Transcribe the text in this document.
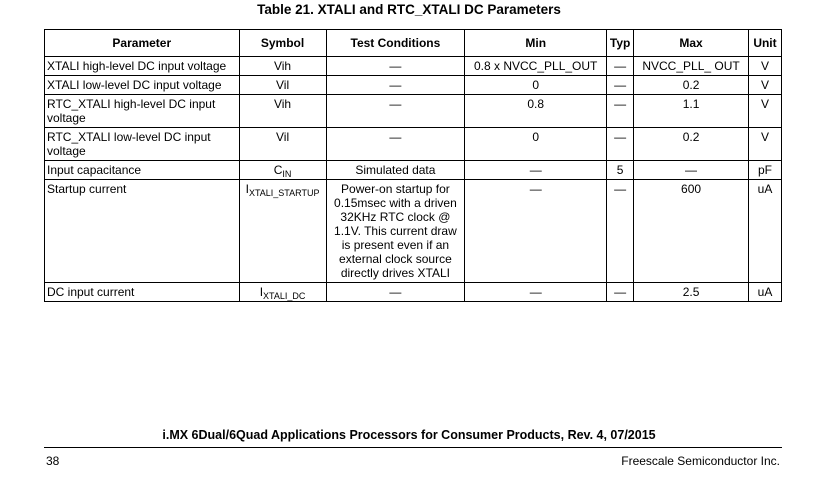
Table 21. XTALI and RTC_XTALI DC Parameters
Parameter	Symbol	Test Conditions	Min	Typ	Max	Unit
XTALI high-level DC input voltage	Vih	—	0.8 x NVCC_PLL_OUT	—	NVCC_PLL_ OUT	V
XTALI low-level DC input voltage	Vil	—	0	—	0.2	V
RTC_XTALI high-level DC input voltage	Vih	—	0.8	—	1.1	V
RTC_XTALI low-level DC input voltage	Vil	—	0	—	0.2	V
Input capacitance	$C_{IN}$	Simulated data	—	5	—	pF
Startup current	$I_{XTALI\_STARTUP}$	Power-on startup for 0.15msec with a driven 32KHz RTC clock @ 1.1V. This current draw is present even if an external clock source directly drives XTALI	—	—	600	uA
DC input current	$I_{XTALI\_DC}$	—	—	—	2.5	uA
i.MX 6Dual/6Quad Applications Processors for Consumer Products, Rev. 4, 07/2015
38	Freescale Semiconductor Inc.
